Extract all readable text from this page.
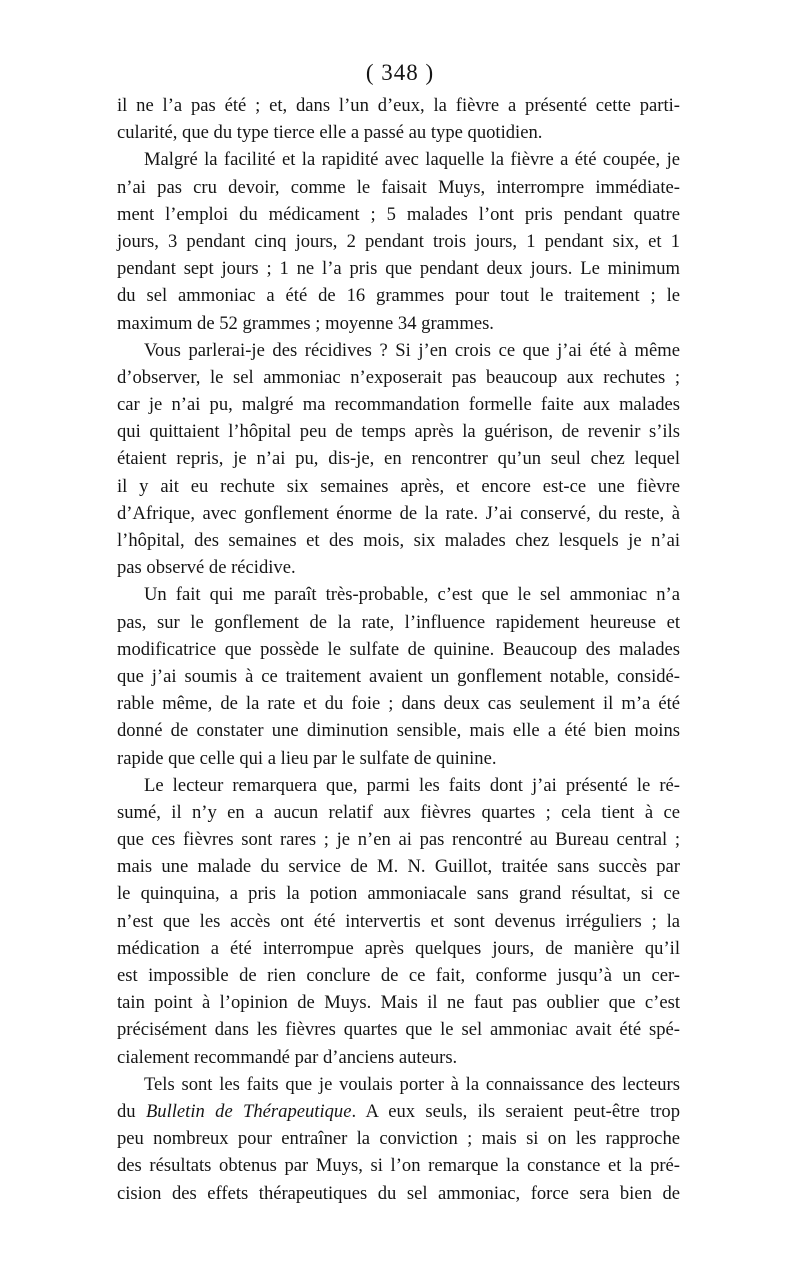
( 348 )
il ne l’a pas été ; et, dans l’un d’eux, la fièvre a présenté cette parti-
cularité, que du type tierce elle a passé au type quotidien.
Malgré la facilité et la rapidité avec laquelle la fièvre a été coupée, je
n’ai pas cru devoir, comme le faisait Muys, interrompre immédiate-
ment l’emploi du médicament ; 5 malades l’ont pris pendant quatre
jours, 3 pendant cinq jours, 2 pendant trois jours, 1 pendant six, et 1
pendant sept jours ; 1 ne l’a pris que pendant deux jours. Le minimum
du sel ammoniac a été de 16 grammes pour tout le traitement ; le
maximum de 52 grammes ; moyenne 34 grammes.
Vous parlerai-je des récidives ? Si j’en crois ce que j’ai été à même
d’observer, le sel ammoniac n’exposerait pas beaucoup aux rechutes ;
car je n’ai pu, malgré ma recommandation formelle faite aux malades
qui quittaient l’hôpital peu de temps après la guérison, de revenir s’ils
étaient repris, je n’ai pu, dis-je, en rencontrer qu’un seul chez lequel
il y ait eu rechute six semaines après, et encore est-ce une fièvre
d’Afrique, avec gonflement énorme de la rate. J’ai conservé, du reste, à
l’hôpital, des semaines et des mois, six malades chez lesquels je n’ai
pas observé de récidive.
Un fait qui me paraît très-probable, c’est que le sel ammoniac n’a
pas, sur le gonflement de la rate, l’influence rapidement heureuse et
modificatrice que possède le sulfate de quinine. Beaucoup des malades
que j’ai soumis à ce traitement avaient un gonflement notable, considé-
rable même, de la rate et du foie ; dans deux cas seulement il m’a été
donné de constater une diminution sensible, mais elle a été bien moins
rapide que celle qui a lieu par le sulfate de quinine.
Le lecteur remarquera que, parmi les faits dont j’ai présenté le ré-
sumé, il n’y en a aucun relatif aux fièvres quartes ; cela tient à ce
que ces fièvres sont rares ; je n’en ai pas rencontré au Bureau central ;
mais une malade du service de M. N. Guillot, traitée sans succès par
le quinquina, a pris la potion ammoniacale sans grand résultat, si ce
n’est que les accès ont été intervertis et sont devenus irréguliers ; la
médication a été interrompue après quelques jours, de manière qu’il
est impossible de rien conclure de ce fait, conforme jusqu’à un cer-
tain point à l’opinion de Muys. Mais il ne faut pas oublier que c’est
précisément dans les fièvres quartes que le sel ammoniac avait été spé-
cialement recommandé par d’anciens auteurs.
Tels sont les faits que je voulais porter à la connaissance des lecteurs
du Bulletin de Thérapeutique. A eux seuls, ils seraient peut-être trop
peu nombreux pour entraîner la conviction ; mais si on les rapproche
des résultats obtenus par Muys, si l’on remarque la constance et la pré-
cision des effets thérapeutiques du sel ammoniac, force sera bien de
